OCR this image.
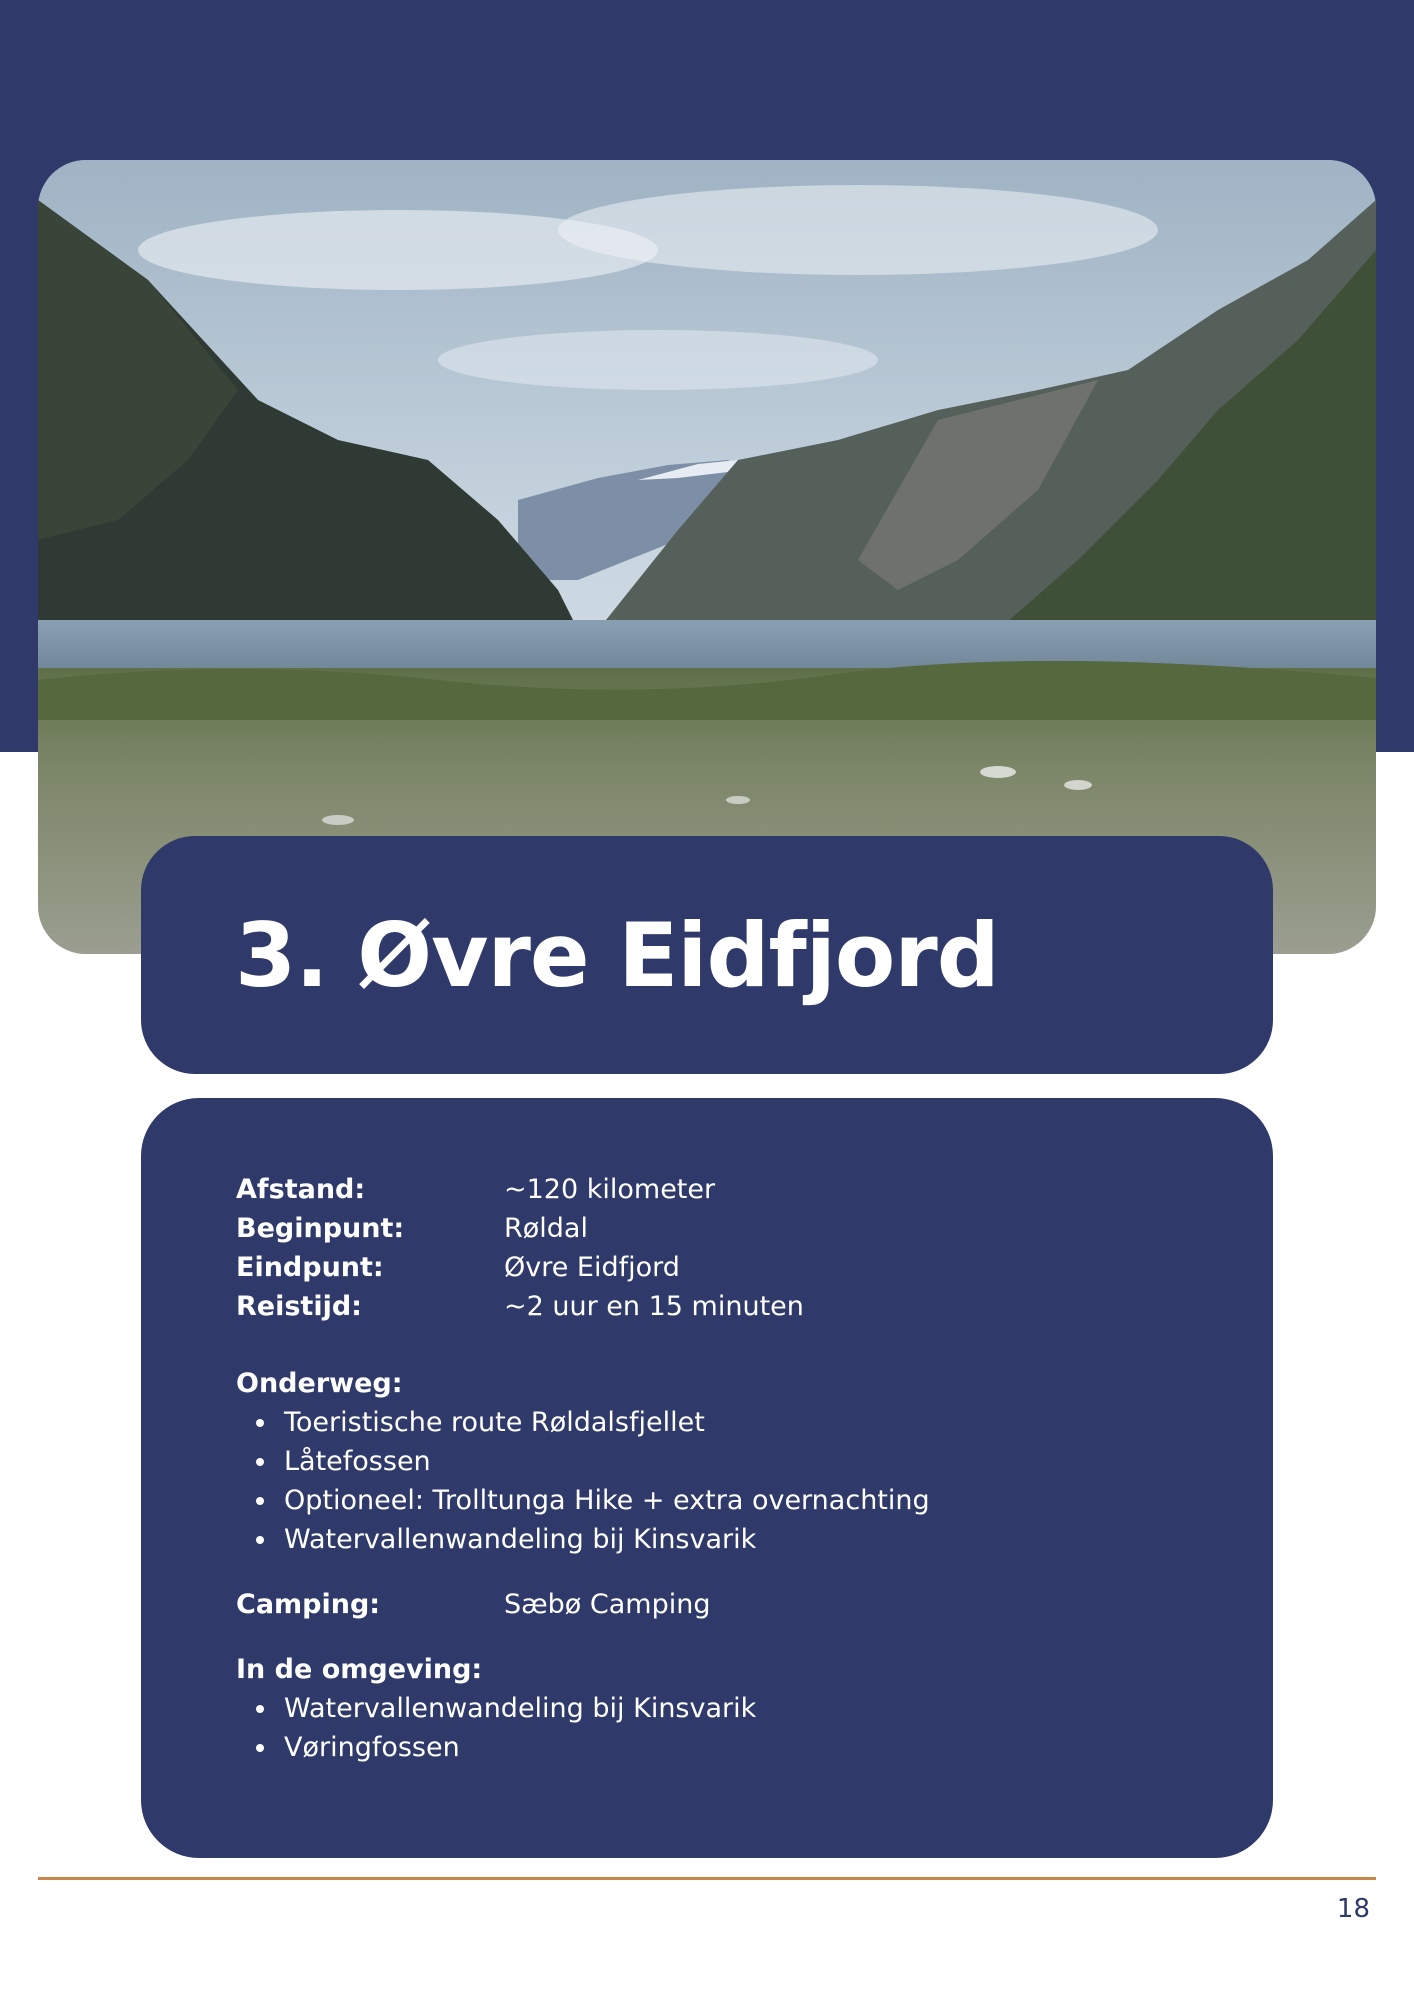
3. Øvre Eidfjord
Afstand:	~120 kilometer
Beginpunt:	Røldal
Eindpunt:	Øvre Eidfjord
Reistijd:	~2 uur en 15 minuten
Onderweg:
Toeristische route Røldalsfjellet
Låtefossen
Optioneel: Trolltunga Hike + extra overnachting
Watervallenwandeling bij Kinsvarik
Camping:	Sæbø Camping
In de omgeving:
Watervallenwandeling bij Kinsvarik
Vøringfossen
18
